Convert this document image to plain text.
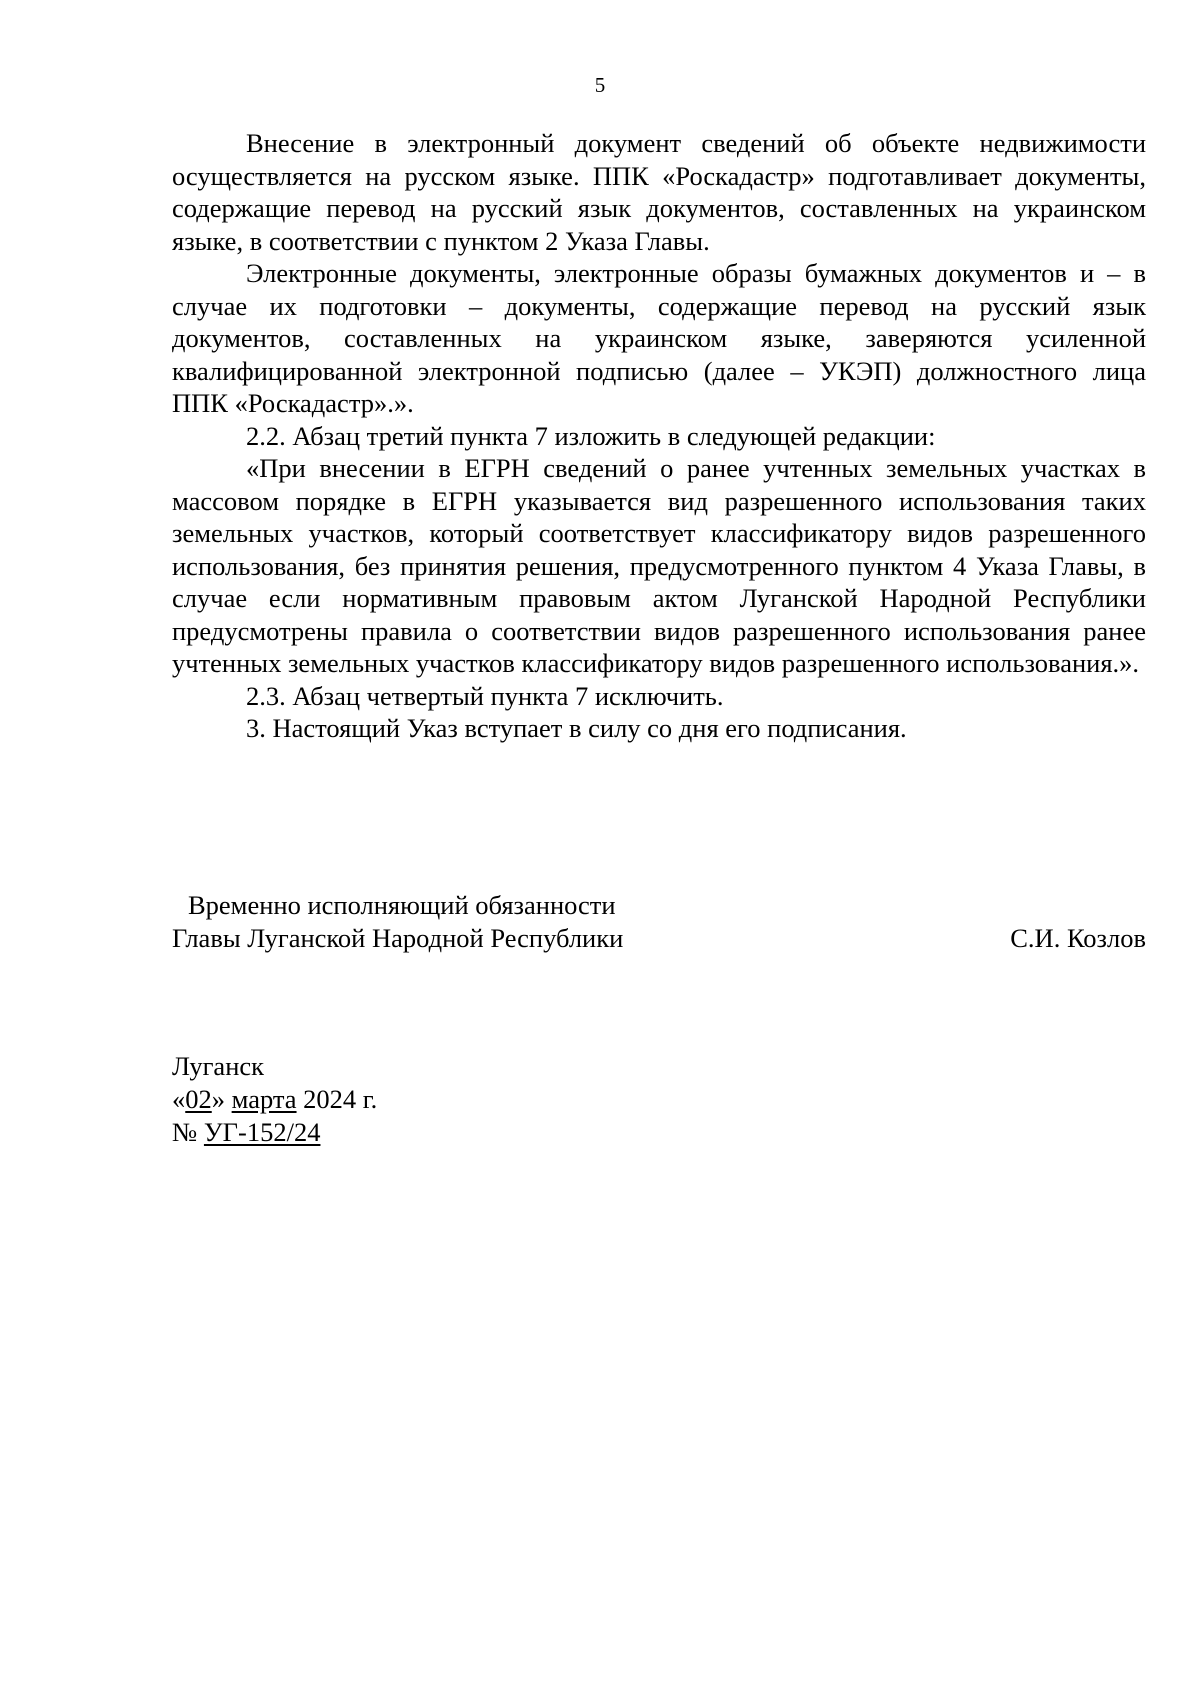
5

Внесение в электронный документ сведений об объекте недвижимости осуществляется на русском языке. ППК «Роскадастр» подготавливает документы, содержащие перевод на русский язык документов, составленных на украинском языке, в соответствии с пунктом 2 Указа Главы.

Электронные документы, электронные образы бумажных документов и – в случае их подготовки – документы, содержащие перевод на русский язык документов, составленных на украинском языке, заверяются усиленной квалифицированной электронной подписью (далее – УКЭП) должностного лица ППК «Роскадастр».».

2.2. Абзац третий пункта 7 изложить в следующей редакции:

«При внесении в ЕГРН сведений о ранее учтенных земельных участках в массовом порядке в ЕГРН указывается вид разрешенного использования таких земельных участков, который соответствует классификатору видов разрешенного использования, без принятия решения, предусмотренного пунктом 4 Указа Главы, в случае если нормативным правовым актом Луганской Народной Республики предусмотрены правила о соответствии видов разрешенного использования ранее учтенных земельных участков классификатору видов разрешенного использования.».

2.3. Абзац четвертый пункта 7 исключить.

3. Настоящий Указ вступает в силу со дня его подписания.

Временно исполняющий обязанности
Главы Луганской Народной Республики	С.И. Козлов
Луганск
«02» марта 2024 г.
№ УГ-152/24
